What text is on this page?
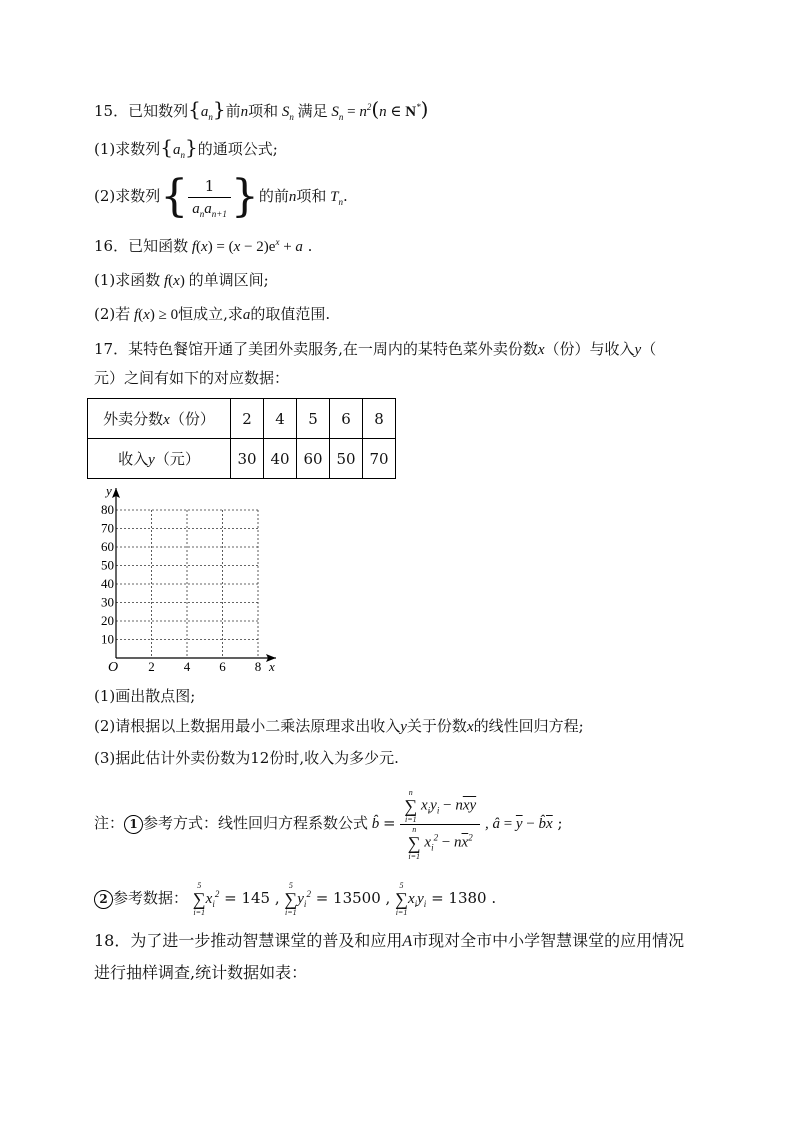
15．已知数列$\{a_n\}$前n项和 $S_n$ 满足 $S_n = n^2(n$ ∈ N*)
(1)求数列$\{a_n\}$的通项公式;
(2)求数列{ $\frac{1}{a_na_{n+1}}$ }的前n项和 $T_n$.
16．已知函数 $f(x) = (x - 2)e^x + a$ .
(1)求函数 f(x) 的单调区间;
(2)若 f(x) ≥ 0恒成立,求a的取值范围.
17．某特色餐馆开通了美团外卖服务,在一周内的某特色菜外卖份数x（份）与收入y（
元）之间有如下的对应数据：
外卖分数x（份）	2	4	5	6	8
收入y（元）	30	40	60	50	70
y
x
O
80
70
60
50
40
30
20
10
2 4 6 8
(1)画出散点图;
(2)请根据以上数据用最小二乘法原理求出收入y关于份数x的线性回归方程;
(3)据此估计外卖份数为12份时,收入为多少元.
注： 1 参考方式：线性回归方程系数公式 b̂ = n
∑
i=1 $x_iy_i - n\overline{x}\overline{y}$
n
∑
i=1 $x_i^2 - n\overline{x}^2$ , â = $\overline{y}$ − $b̂\overline{x}$ ;
2 参考数据： 5
∑
$i=1x_i^2 = 145$ , 5
∑
$i=1y_i^2 = 13500$ , 5
∑
$i=1x_iy_i = 1380$ .
18．为了进一步推动智慧课堂的普及和应用A市现对全市中小学智慧课堂的应用情况
进行抽样调查,统计数据如表：
